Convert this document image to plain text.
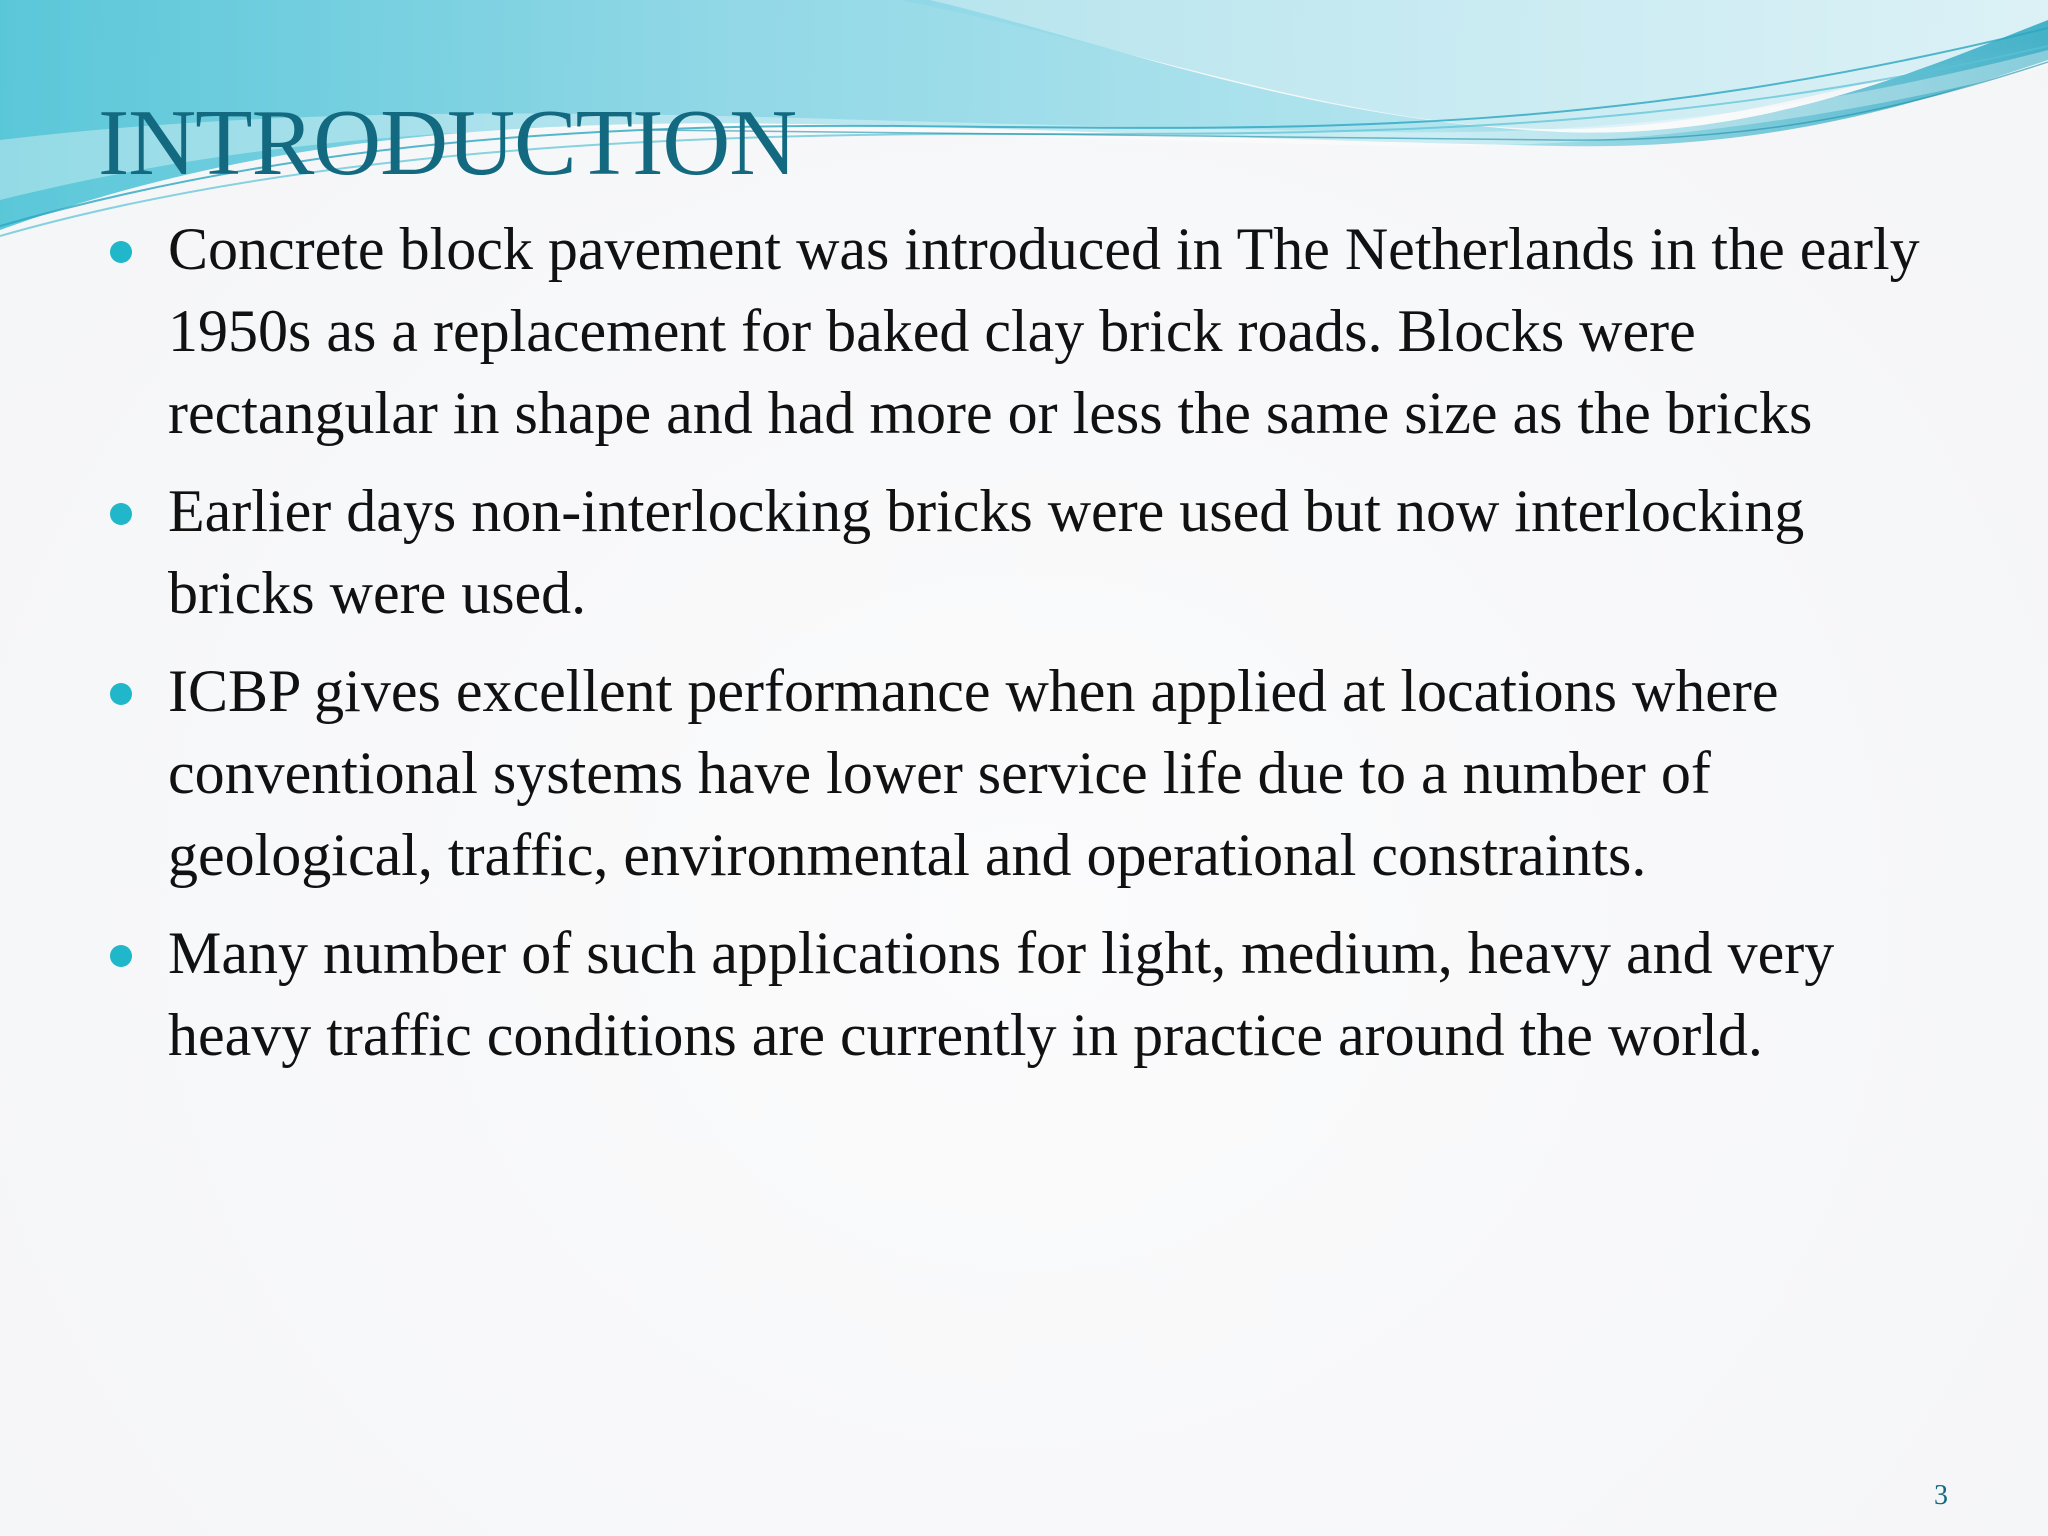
INTRODUCTION
Concrete block pavement was introduced in The Netherlands in the early 1950s as a replacement for baked clay brick roads. Blocks were rectangular in shape and had more or less the same size as the bricks
Earlier days non-interlocking bricks were used but now interlocking bricks were used.
ICBP gives excellent performance when applied at locations where conventional systems have lower service life due to a number of geological, traffic, environmental and operational constraints.
Many number of such applications for light, medium, heavy and very heavy traffic conditions are currently in practice around the world.
3
